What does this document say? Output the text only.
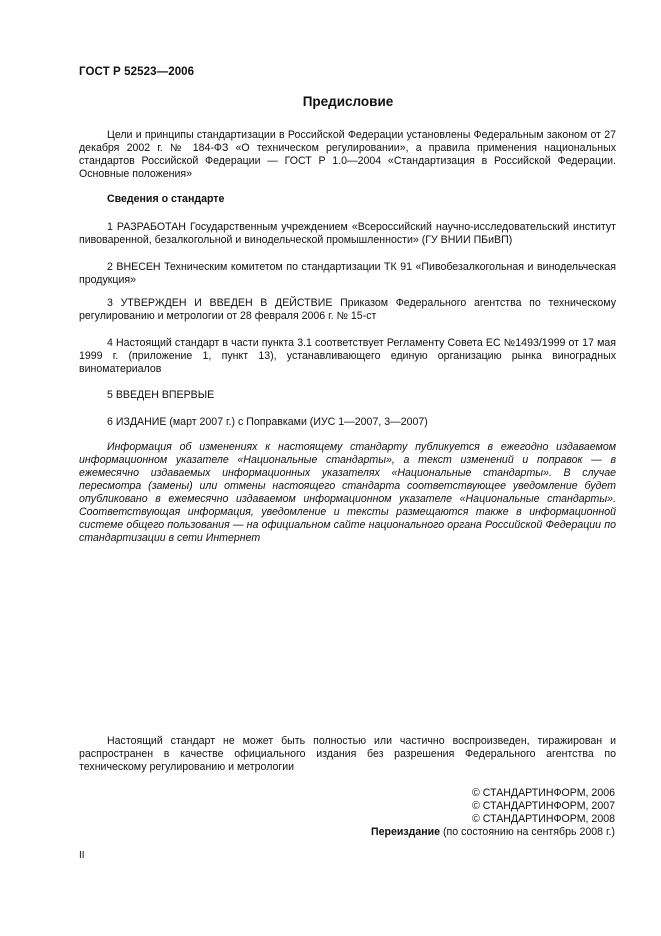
ГОСТ Р 52523—2006
Предисловие

Цели и принципы стандартизации в Российской Федерации установлены Федеральным законом от 27 декабря 2002 г. № 184-ФЗ «О техническом регулировании», а правила применения национальных стандартов Российской Федерации — ГОСТ Р 1.0—2004 «Стандартизация в Российской Федерации. Основные положения»

Сведения о стандарте

1 РАЗРАБОТАН Государственным учреждением «Всероссийский научно-исследовательский институт пивоваренной, безалкогольной и винодельческой промышленности» (ГУ ВНИИ ПБиВП)

2 ВНЕСЕН Техническим комитетом по стандартизации ТК 91 «Пивобезалкогольная и винодельческая продукция»

3 УТВЕРЖДЕН И ВВЕДЕН В ДЕЙСТВИЕ Приказом Федерального агентства по техническому регулированию и метрологии от 28 февраля 2006 г. № 15-ст

4 Настоящий стандарт в части пункта 3.1 соответствует Регламенту Совета ЕС №1493/1999 от 17 мая 1999 г. (приложение 1, пункт 13), устанавливающего единую организацию рынка виноградных виноматериалов

5 ВВЕДЕН ВПЕРВЫЕ
6 ИЗДАНИЕ (март 2007 г.) с Поправками (ИУС 1—2007, 3—2007)

Информация об изменениях к настоящему стандарту публикуется в ежегодно издаваемом информационном указателе «Национальные стандарты», а текст изменений и поправок — в ежемесячно издаваемых информационных указателях «Национальные стандарты». В случае пересмотра (замены) или отмены настоящего стандарта соответствующее уведомление будет опубликовано в ежемесячно издаваемом информационном указателе «Национальные стандарты». Соответствующая информация, уведомление и тексты размещаются также в информационной системе общего пользования — на официальном сайте национального органа Российской Федерации по стандартизации в сети Интернет

Настоящий стандарт не может быть полностью или частично воспроизведен, тиражирован и распространен в качестве официального издания без разрешения Федерального агентства по техническому регулированию и метрологии

© СТАНДАРТИНФОРМ, 2006
© СТАНДАРТИНФОРМ, 2007
© СТАНДАРТИНФОРМ, 2008
Переиздание (по состоянию на сентябрь 2008 г.)
II
